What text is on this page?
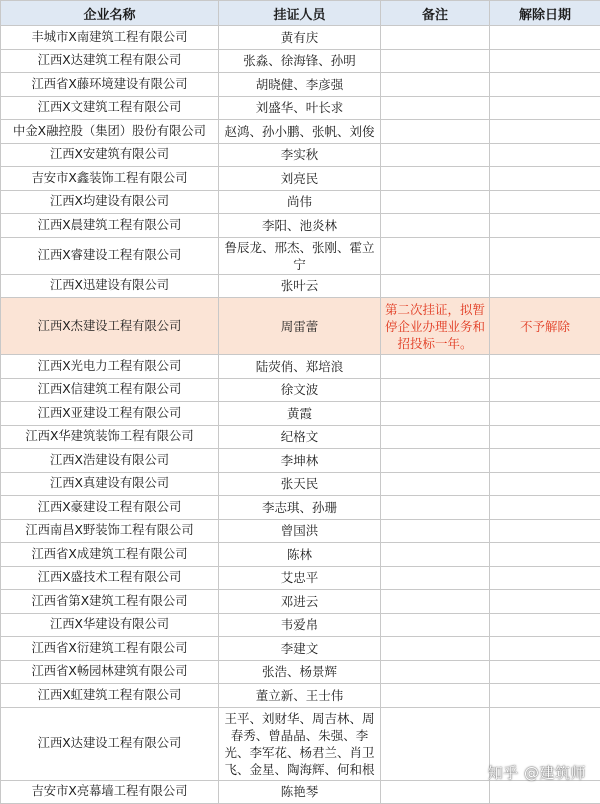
企业名称	挂证人员	备注	解除日期
丰城市X南建筑工程有限公司	黄有庆		
江西X达建筑工程有限公司	张淼、徐海锋、孙明		
江西省X藤环境建设有限公司	胡晓健、李彦强		
江西X文建筑工程有限公司	刘盛华、叶长求		
中金X融控股（集团）股份有限公司	赵鸿、孙小鹏、张帆、刘俊		
江西X安建筑有限公司	李实秋		
吉安市X鑫装饰工程有限公司	刘亮民		
江西X均建设有限公司	尚伟		
江西X晨建筑工程有限公司	李阳、池炎林		
江西X睿建设工程有限公司	鲁辰龙、邢杰、张刚、霍立宁		
江西X迅建设有限公司	张叶云		
江西X杰建设工程有限公司	周雷蕾	第二次挂证，拟暂停企业办理业务和招投标一年。	不予解除
江西X光电力工程有限公司	陆荧俏、郑培浪		
江西X信建筑工程有限公司	徐文波		
江西X亚建设工程有限公司	黄霞		
江西X华建筑装饰工程有限公司	纪格文		
江西X浩建设有限公司	李坤林		
江西X真建设有限公司	张天民		
江西X豪建设工程有限公司	李志琪、孙珊		
江西南昌X野装饰工程有限公司	曾国洪		
江西省X成建筑工程有限公司	陈林		
江西X盛技术工程有限公司	艾忠平		
江西省第X建筑工程有限公司	邓进云		
江西X华建设有限公司	韦爱帛		
江西省X衍建筑工程有限公司	李建文		
江西省X畅园林建筑有限公司	张浩、杨景辉		
江西X虹建筑工程有限公司	董立新、王士伟		
江西X达建设工程有限公司	王平、刘财华、周吉林、周春秀、曾晶晶、朱强、李光、李军花、杨君兰、肖卫飞、金星、陶海辉、何和根		
吉安市X亮幕墙工程有限公司	陈艳琴		
知乎 @建筑师
